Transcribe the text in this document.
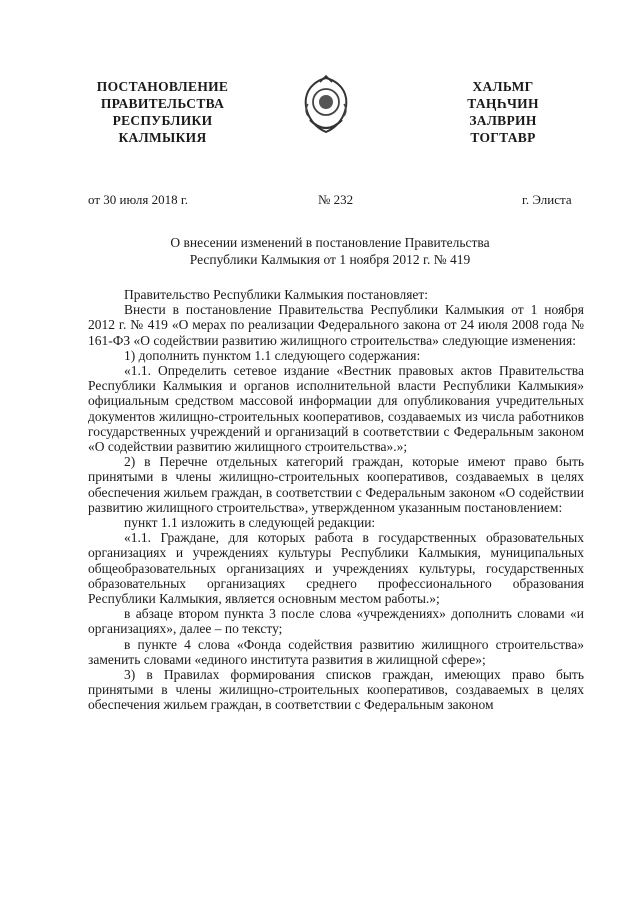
ПОСТАНОВЛЕНИЕ
ПРАВИТЕЛЬСТВА
РЕСПУБЛИКИ
КАЛМЫКИЯ
ХАЛЬМГ
ТАҢҺЧИН
ЗАЛВРИН
ТОГТАВР
от 30 июля 2018 г.	№ 232	г. Элиста
О внесении изменений в постановление Правительства
Республики Калмыкия от 1 ноября 2012 г. № 419

Правительство Республики Калмыкия постановляет:

Внести в постановление Правительства Республики Калмыкия от 1 ноября 2012 г. № 419 «О мерах по реализации Федерального закона от 24 июля 2008 года № 161-ФЗ «О содействии развитию жилищного строительства» следующие изменения:

1) дополнить пунктом 1.1 следующего содержания:

«1.1. Определить сетевое издание «Вестник правовых актов Правительства Республики Калмыкия и органов исполнительной власти Республики Калмыкия» официальным средством массовой информации для опубликования учредительных документов жилищно-строительных кооперативов, создаваемых из числа работников государственных учреждений и организаций в соответствии с Федеральным законом «О содействии развитию жилищного строительства».»;

2) в Перечне отдельных категорий граждан, которые имеют право быть принятыми в члены жилищно-строительных кооперативов, создаваемых в целях обеспечения жильем граждан, в соответствии с Федеральным законом «О содействии развитию жилищного строительства», утвержденном указанным постановлением:

пункт 1.1 изложить в следующей редакции:

«1.1. Граждане, для которых работа в государственных образовательных организациях и учреждениях культуры Республики Калмыкия, муниципальных общеобразовательных организациях и учреждениях культуры, государственных образовательных организациях среднего профессионального образования Республики Калмыкия, является основным местом работы.»;

в абзаце втором пункта 3 после слова «учреждениях» дополнить словами «и организациях», далее – по тексту;

в пункте 4 слова «Фонда содействия развитию жилищного строительства» заменить словами «единого института развития в жилищной сфере»;

3) в Правилах формирования списков граждан, имеющих право быть принятыми в члены жилищно-строительных кооперативов, создаваемых в целях обеспечения жильем граждан, в соответствии с Федеральным законом
